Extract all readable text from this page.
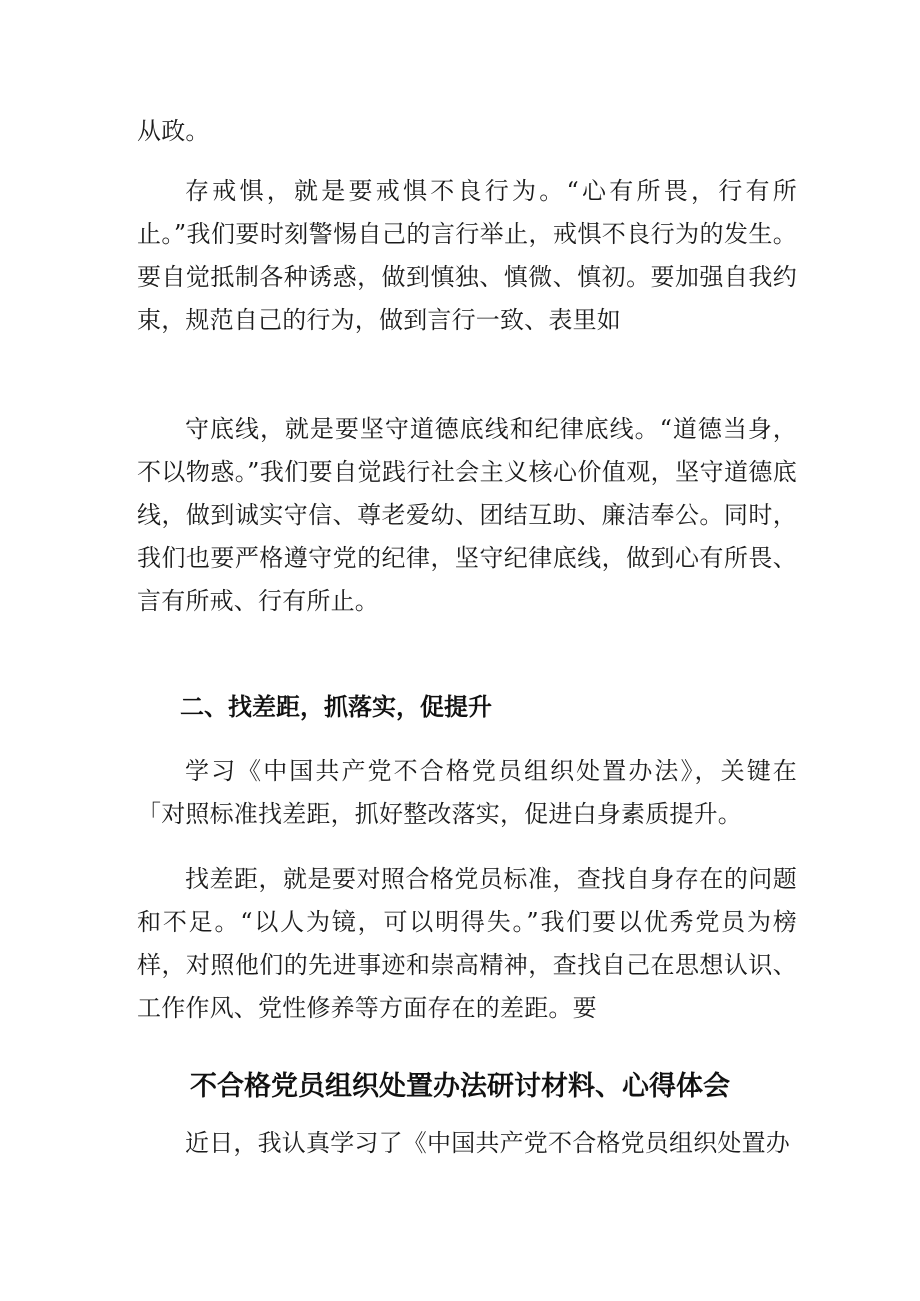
从政。

存戒惧，就是要戒惧不良行为。“心有所畏，行有所止。”我们要时刻警惕自己的言行举止，戒惧不良行为的发生。要自觉抵制各种诱惑，做到慎独、慎微、慎初。要加强自我约束，规范自己的行为，做到言行一致、表里如

守底线，就是要坚守道德底线和纪律底线。“道德当身，不以物惑。”我们要自觉践行社会主义核心价值观，坚守道德底线，做到诚实守信、尊老爱幼、团结互助、廉洁奉公。同时，我们也要严格遵守党的纪律，坚守纪律底线，做到心有所畏、言有所戒、行有所止。

二、找差距，抓落实，促提升

学习《中国共产党不合格党员组织处置办法》，关键在「对照标准找差距，抓好整改落实，促进白身素质提升。

找差距，就是要对照合格党员标准，查找自身存在的问题和不足。“以人为镜，可以明得失。”我们要以优秀党员为榜样，对照他们的先进事迹和崇高精神，查找自己在思想认识、工作作风、党性修养等方面存在的差距。要

不合格党员组织处置办法研讨材料、心得体会

近日，我认真学习了《中国共产党不合格党员组织处置办
